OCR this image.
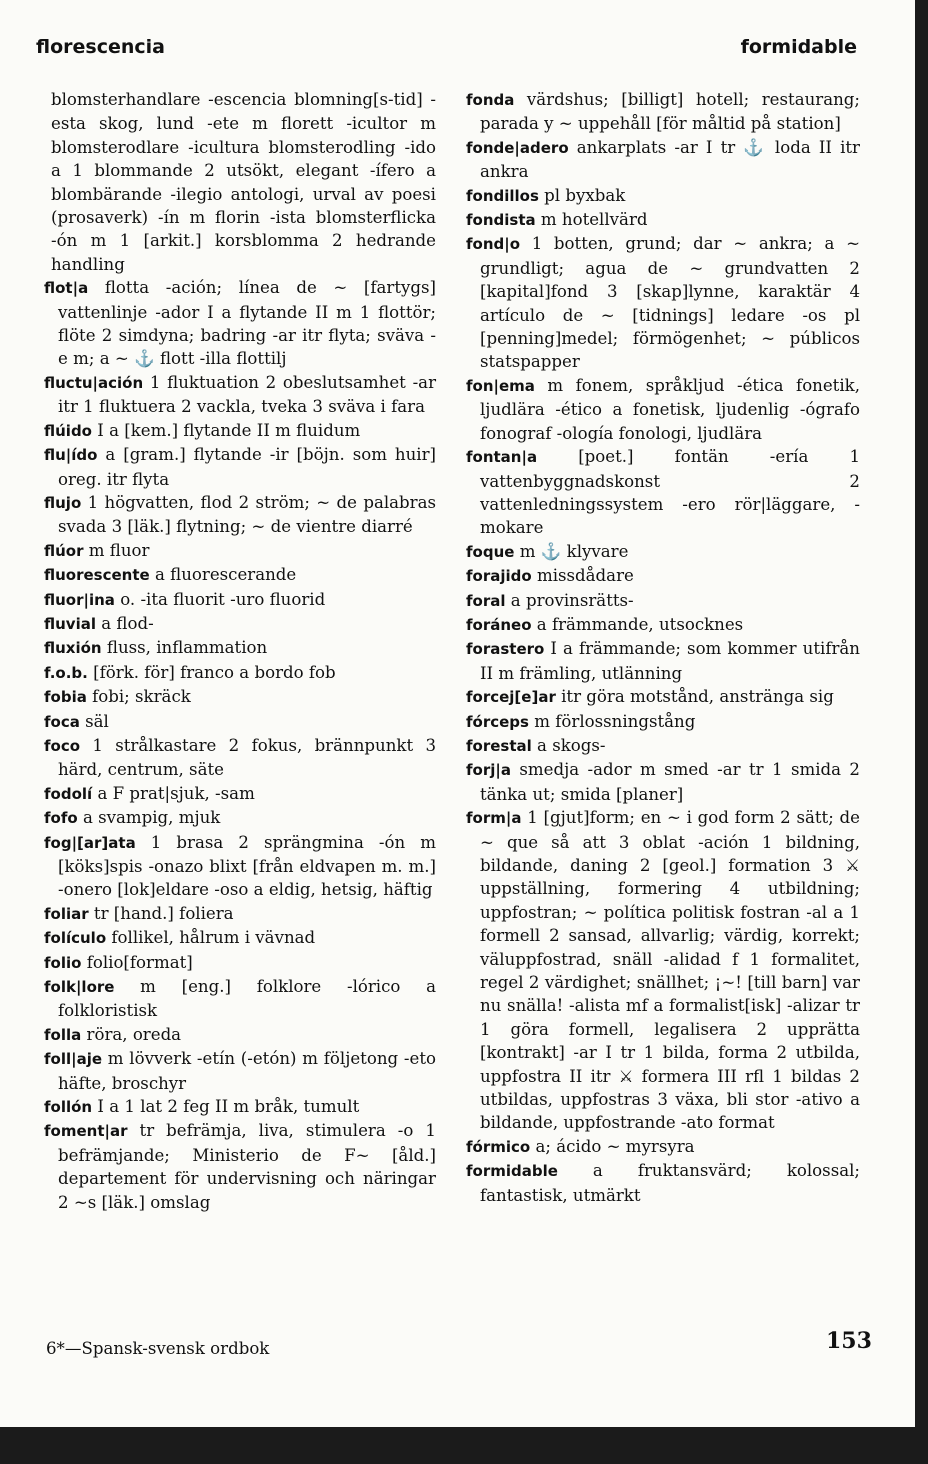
florescencia	formidable

blomsterhandlare -escencia blomning[s-tid] -esta skog, lund -ete m florett -icultor m blomsterodlare -icultura blomsterodling -ido a 1 blommande 2 utsökt, elegant -ífero a blombärande -ilegio antologi, urval av poesi (prosaverk) -ín m florin -ista blomsterflicka -ón m 1 [arkit.] korsblomma 2 hedrande handling

flot|a flotta -ación; línea de ~ [fartygs] vattenlinje -ador I a flytande II m 1 flottör; flöte 2 simdyna; badring -ar itr flyta; sväva -e m; a ~ ⚓ flott -illa flottilj

fluctu|ación 1 fluktuation 2 obeslutsamhet -ar itr 1 fluktuera 2 vackla, tveka 3 sväva i fara

flúido I a [kem.] flytande II m fluidum

flu|ído a [gram.] flytande -ir [böjn. som huir] oreg. itr flyta

flujo 1 högvatten, flod 2 ström; ~ de palabras svada 3 [läk.] flytning; ~ de vientre diarré

flúor m fluor

fluorescente a fluorescerande

fluor|ina o. -ita fluorit -uro fluorid

fluvial a flod-

fluxión fluss, inflammation

f.o.b. [förk. för] franco a bordo fob

fobia fobi; skräck

foca säl

foco 1 strålkastare 2 fokus, brännpunkt 3 härd, centrum, säte

fodolí a F prat|sjuk, -sam

fofo a svampig, mjuk

fog|[ar]ata 1 brasa 2 sprängmina -ón m [köks]spis -onazo blixt [från eldvapen m. m.] -onero [lok]eldare -oso a eldig, hetsig, häftig

foliar tr [hand.] foliera

folículo follikel, hålrum i vävnad

folio folio[format]

folk|lore m [eng.] folklore -lórico a folkloristisk

folla röra, oreda

foll|aje m lövverk -etín (-etón) m följetong -eto häfte, broschyr

follón I a 1 lat 2 feg II m bråk, tumult

foment|ar tr befrämja, liva, stimulera -o 1 befrämjande; Ministerio de F~ [åld.] departement för undervisning och näringar 2 ~s [läk.] omslag

fonda värdshus; [billigt] hotell; restaurang; parada y ~ uppehåll [för måltid på station]

fonde|adero ankarplats -ar I tr ⚓ loda II itr ankra

fondillos pl byxbak

fondista m hotellvärd

fond|o 1 botten, grund; dar ~ ankra; a ~ grundligt; agua de ~ grundvatten 2 [kapital]fond 3 [skap]lynne, karaktär 4 artículo de ~ [tidnings] ledare -os pl [penning]medel; förmögenhet; ~ públicos statspapper

fon|ema m fonem, språkljud -ética fonetik, ljudlära -ético a fonetisk, ljudenlig -ógrafo fonograf -ología fonologi, ljudlära

fontan|a [poet.] fontän -ería 1 vattenbyggnadskonst 2 vattenledningssystem -ero rör|läggare, -mokare

foque m ⚓ klyvare

forajido missdådare

foral a provinsrätts-

foráneo a främmande, utsocknes

forastero I a främmande; som kommer utifrån II m främling, utlänning

forcej[e]ar itr göra motstånd, anstränga sig

fórceps m förlossningstång

forestal a skogs-

forj|a smedja -ador m smed -ar tr 1 smida 2 tänka ut; smida [planer]

form|a 1 [gjut]form; en ~ i god form 2 sätt; de ~ que så att 3 oblat -ación 1 bildning, bildande, daning 2 [geol.] formation 3 ⚔ uppställning, formering 4 utbildning; uppfostran; ~ política politisk fostran -al a 1 formell 2 sansad, allvarlig; värdig, korrekt; väluppfostrad, snäll -alidad f 1 formalitet, regel 2 värdighet; snällhet; ¡~! [till barn] var nu snälla! -alista mf a formalist[isk] -alizar tr 1 göra formell, legalisera 2 upprätta [kontrakt] -ar I tr 1 bilda, forma 2 utbilda, uppfostra II itr ⚔ formera III rfl 1 bildas 2 utbildas, uppfostras 3 växa, bli stor -ativo a bildande, uppfostrande -ato format

fórmico a; ácido ~ myrsyra

formidable a fruktansvärd; kolossal; fantastisk, utmärkt

6*—Spansk-svensk ordbok	153
